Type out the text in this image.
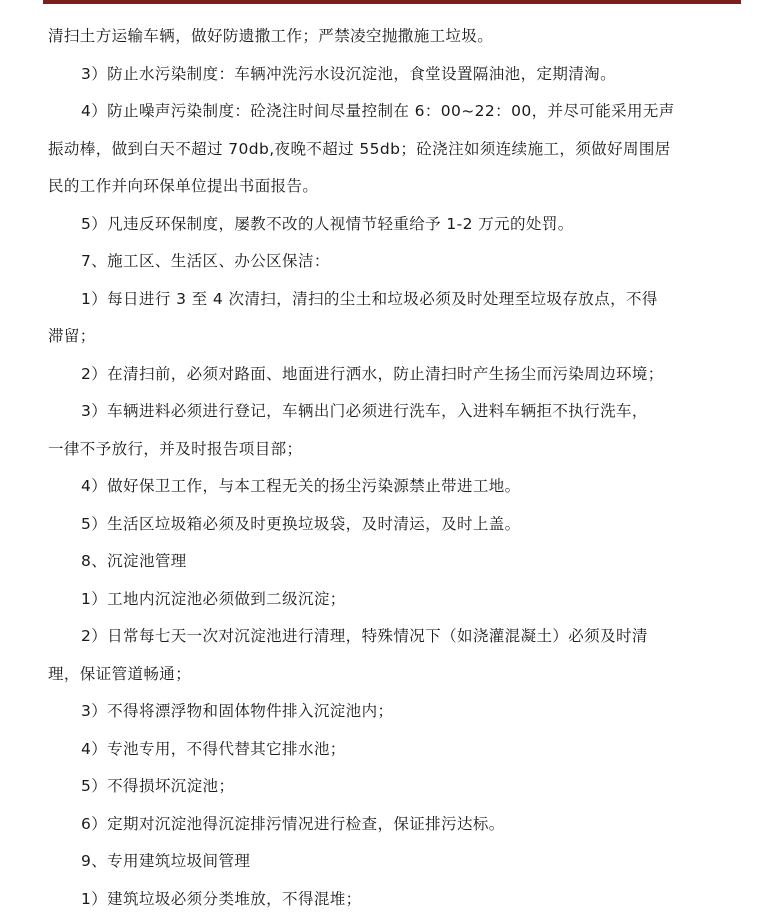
清扫土方运输车辆，做好防遗撒工作；严禁凌空抛撒施工垃圾。
3）防止水污染制度：车辆冲洗污水设沉淀池，食堂设置隔油池，定期清淘。
4）防止噪声污染制度：砼浇注时间尽量控制在 6：00~22：00，并尽可能采用无声
振动棒，做到白天不超过 70db,夜晚不超过 55db；砼浇注如须连续施工，须做好周围居
民的工作并向环保单位提出书面报告。
5）凡违反环保制度，屡教不改的人视情节轻重给予 1-2 万元的处罚。
7、施工区、生活区、办公区保洁：
1）每日进行 3 至 4 次清扫，清扫的尘土和垃圾必须及时处理至垃圾存放点，不得
滞留；
2）在清扫前，必须对路面、地面进行洒水，防止清扫时产生扬尘而污染周边环境；
3）车辆进料必须进行登记，车辆出门必须进行洗车，入进料车辆拒不执行洗车，
一律不予放行，并及时报告项目部；
4）做好保卫工作，与本工程无关的扬尘污染源禁止带进工地。
5）生活区垃圾箱必须及时更换垃圾袋，及时清运，及时上盖。
8、沉淀池管理
1）工地内沉淀池必须做到二级沉淀；
2）日常每七天一次对沉淀池进行清理，特殊情况下（如浇灌混凝土）必须及时清
理，保证管道畅通；
3）不得将漂浮物和固体物件排入沉淀池内；
4）专池专用，不得代替其它排水池；
5）不得损坏沉淀池；
6）定期对沉淀池得沉淀排污情况进行检查，保证排污达标。
9、专用建筑垃圾间管理
1）建筑垃圾必须分类堆放，不得混堆；
